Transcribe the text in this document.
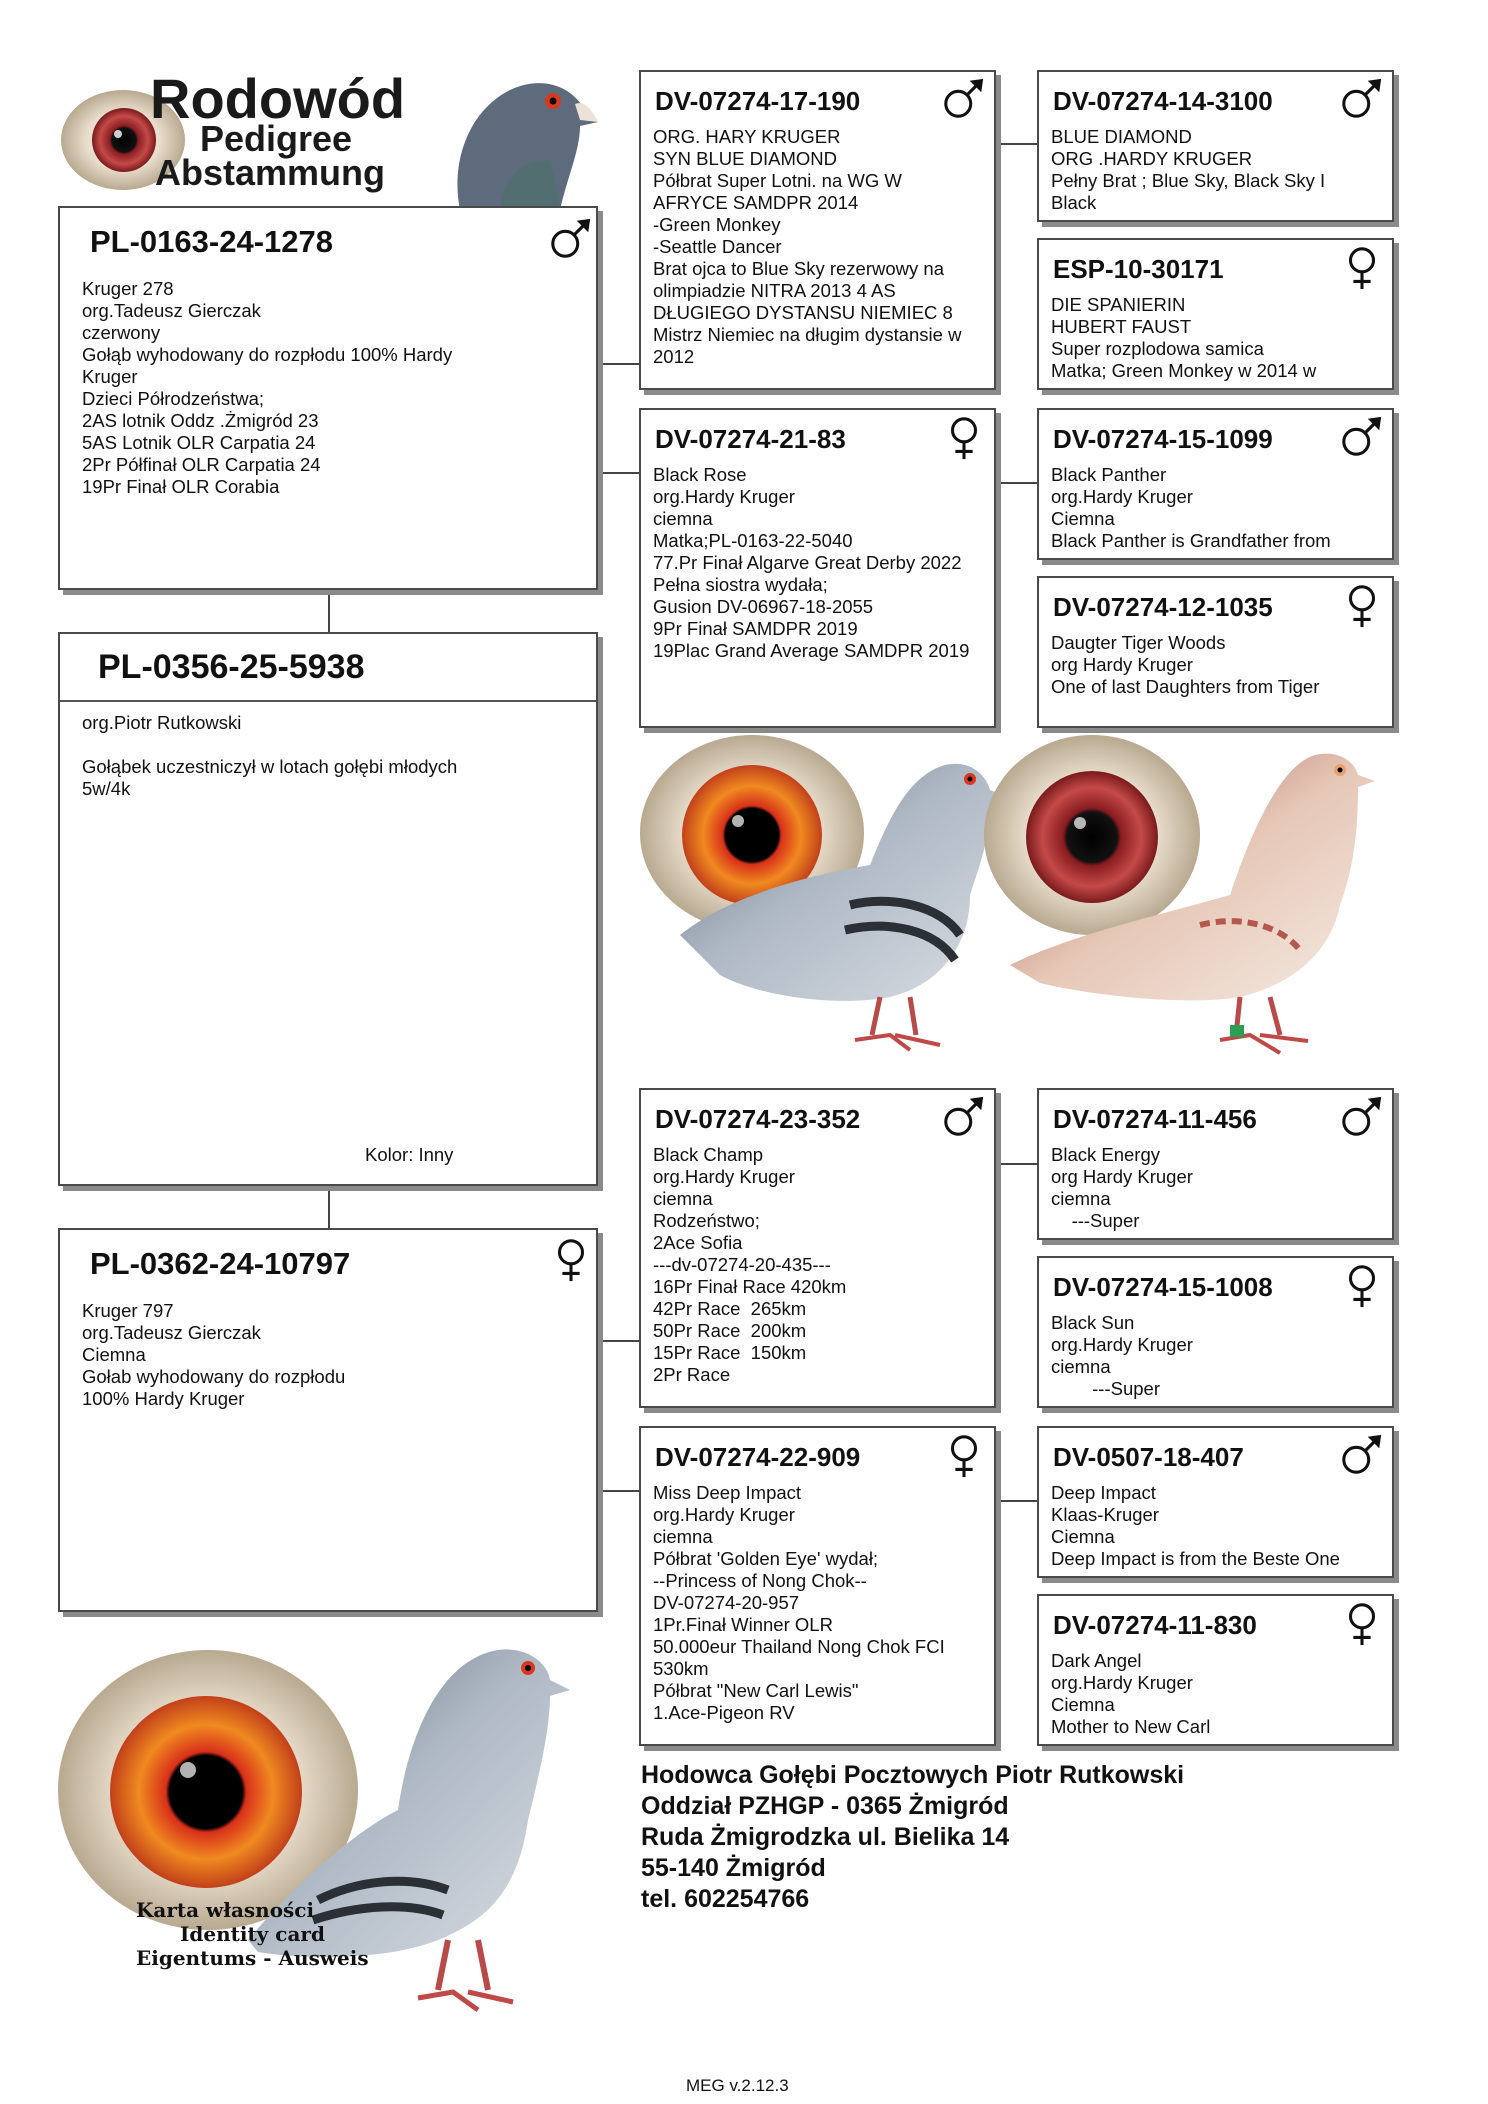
Rodowód
Pedigree
Abstammung
PL-0163-24-1278
Kruger 278
org.Tadeusz Gierczak
czerwony
Gołąb wyhodowany do rozpłodu 100% Hardy
Kruger
Dzieci Półrodzeństwa;
2AS lotnik Oddz .Żmigród 23
5AS Lotnik OLR Carpatia 24
2Pr Półfinał OLR Carpatia 24
19Pr Finał OLR Corabia
PL-0356-25-5938
org.Piotr Rutkowski

Gołąbek uczestniczył w lotach gołębi młodych
5w/4k
Kolor: Inny
PL-0362-24-10797
Kruger 797
org.Tadeusz Gierczak
Ciemna
Gołab wyhodowany do rozpłodu
100% Hardy Kruger
DV-07274-17-190
ORG. HARY KRUGER
SYN BLUE DIAMOND
Półbrat Super Lotni. na WG W
AFRYCE SAMDPR 2014
-Green Monkey
-Seattle Dancer
Brat ojca to Blue Sky rezerwowy na
olimpiadzie NITRA 2013 4 AS
DŁUGIEGO DYSTANSU NIEMIEC 8
Mistrz Niemiec na długim dystansie w
2012
DV-07274-21-83
Black Rose
org.Hardy Kruger
ciemna
Matka;PL-0163-22-5040
77.Pr Finał Algarve Great Derby 2022
Pełna siostra wydała;
Gusion DV-06967-18-2055
9Pr Finał SAMDPR 2019
19Plac Grand Average SAMDPR 2019
DV-07274-23-352
Black Champ
org.Hardy Kruger
ciemna
Rodzeństwo;
2Ace Sofia
---dv-07274-20-435---
16Pr Finał Race 420km
42Pr Race  265km
50Pr Race  200km
15Pr Race  150km
2Pr Race
DV-07274-22-909
Miss Deep Impact
org.Hardy Kruger
ciemna
Półbrat 'Golden Eye' wydał;
--Princess of Nong Chok--
DV-07274-20-957
1Pr.Finał Winner OLR
50.000eur Thailand Nong Chok FCI
530km
Półbrat "New Carl Lewis"
1.Ace-Pigeon RV
DV-07274-14-3100
BLUE DIAMOND
ORG .HARDY KRUGER
Pełny Brat ; Blue Sky, Black Sky I
Black
ESP-10-30171
DIE SPANIERIN
HUBERT FAUST
Super rozplodowa samica
Matka; Green Monkey w 2014 w
DV-07274-15-1099
Black Panther
org.Hardy Kruger
Ciemna
Black Panther is Grandfather from
DV-07274-12-1035
Daugter Tiger Woods
org Hardy Kruger
One of last Daughters from Tiger
DV-07274-11-456
Black Energy
org Hardy Kruger
ciemna
---Super
DV-07274-15-1008
Black Sun
org.Hardy Kruger
ciemna
---Super
DV-0507-18-407
Deep Impact
Klaas-Kruger
Ciemna
Deep Impact is from the Beste One
DV-07274-11-830
Dark Angel
org.Hardy Kruger
Ciemna
Mother to New Carl
Karta własności
Identity card
Eigentums - Ausweis
Hodowca Gołębi Pocztowych Piotr Rutkowski
Oddział PZHGP - 0365 Żmigród
Ruda Żmigrodzka ul. Bielika 14
55-140 Żmigród
tel. 602254766
MEG v.2.12.3
